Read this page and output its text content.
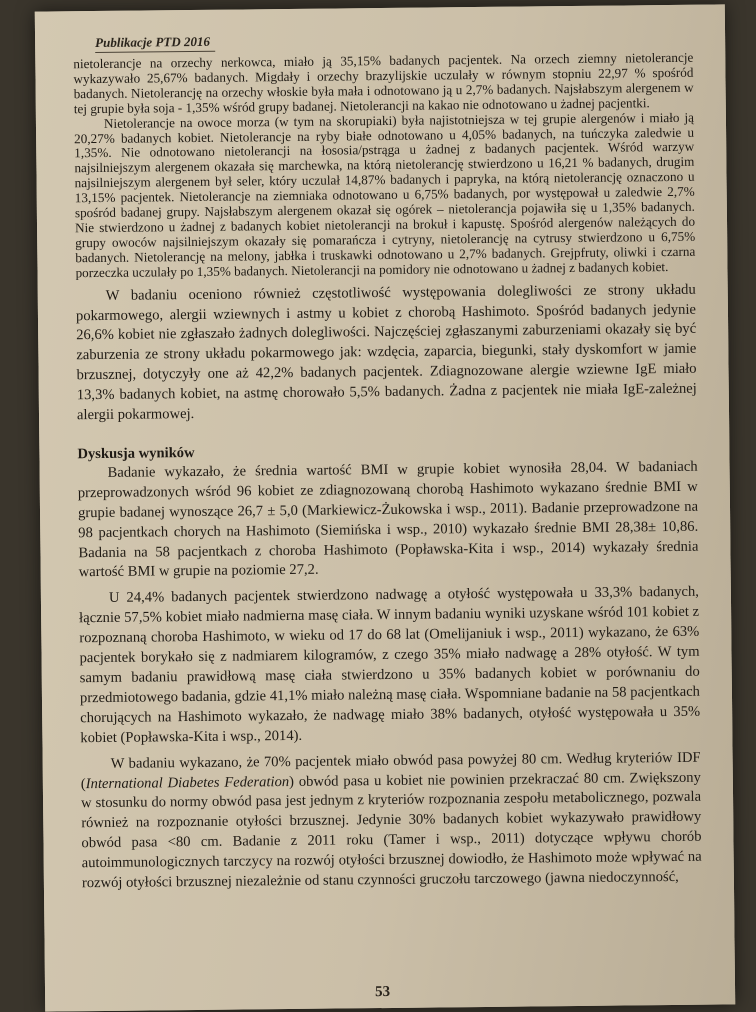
Publikacje PTD 2016

nietolerancje na orzechy nerkowca, miało ją 35,15% badanych pacjentek. Na orzech ziemny nietolerancje wykazywało 25,67% badanych. Migdały i orzechy brazylijskie uczulały w równym stopniu 22,97 % spośród badanych. Nietolerancję na orzechy włoskie była mała i odnotowano ją u 2,7% badanych. Najsłabszym alergenem w tej grupie była soja - 1,35% wśród grupy badanej. Nietolerancji na kakao nie odnotowano u żadnej pacjentki.

Nietolerancje na owoce morza (w tym na skorupiaki) była najistotniejsza w tej grupie alergenów i miało ją 20,27% badanych kobiet. Nietolerancje na ryby białe odnotowano u 4,05% badanych, na tuńczyka zaledwie u 1,35%. Nie odnotowano nietolerancji na łososia/pstrąga u żadnej z badanych pacjentek. Wśród warzyw najsilniejszym alergenem okazała się marchewka, na którą nietolerancję stwierdzono u 16,21 % badanych, drugim najsilniejszym alergenem był seler, który uczulał 14,87% badanych i papryka, na którą nietolerancję oznaczono u 13,15% pacjentek. Nietolerancje na ziemniaka odnotowano u 6,75% badanych, por występował u zaledwie 2,7% spośród badanej grupy. Najsłabszym alergenem okazał się ogórek – nietolerancja pojawiła się u 1,35% badanych. Nie stwierdzono u żadnej z badanych kobiet nietolerancji na brokuł i kapustę. Spośród alergenów należących do grupy owoców najsilniejszym okazały się pomarańcza i cytryny, nietolerancję na cytrusy stwierdzono u 6,75% badanych. Nietolerancję na melony, jabłka i truskawki odnotowano u 2,7% badanych. Grejpfruty, oliwki i czarna porzeczka uczulały po 1,35% badanych. Nietolerancji na pomidory nie odnotowano u żadnej z badanych kobiet.

W badaniu oceniono również częstotliwość występowania dolegliwości ze strony układu pokarmowego, alergii wziewnych i astmy u kobiet z chorobą Hashimoto. Spośród badanych jedynie 26,6% kobiet nie zgłaszało żadnych dolegliwości. Najczęściej zgłaszanymi zaburzeniami okazały się być zaburzenia ze strony układu pokarmowego jak: wzdęcia, zaparcia, biegunki, stały dyskomfort w jamie brzusznej, dotyczyły one aż 42,2% badanych pacjentek. Zdiagnozowane alergie wziewne IgE miało 13,3% badanych kobiet, na astmę chorowało 5,5% badanych. Żadna z pacjentek nie miała IgE-zależnej alergii pokarmowej.

Dyskusja wyników

Badanie wykazało, że średnia wartość BMI w grupie kobiet wynosiła 28,04. W badaniach przeprowadzonych wśród 96 kobiet ze zdiagnozowaną chorobą Hashimoto wykazano średnie BMI w grupie badanej wynoszące 26,7 ± 5,0 (Markiewicz-Żukowska i wsp., 2011). Badanie przeprowadzone na 98 pacjentkach chorych na Hashimoto (Siemińska i wsp., 2010) wykazało średnie BMI 28,38± 10,86. Badania na 58 pacjentkach z choroba Hashimoto (Popławska-Kita i wsp., 2014) wykazały średnia wartość BMI w grupie na poziomie 27,2.

U 24,4% badanych pacjentek stwierdzono nadwagę a otyłość występowała u 33,3% badanych, łącznie 57,5% kobiet miało nadmierna masę ciała. W innym badaniu wyniki uzyskane wśród 101 kobiet z rozpoznaną choroba Hashimoto, w wieku od 17 do 68 lat (Omelijaniuk i wsp., 2011) wykazano, że 63% pacjentek borykało się z nadmiarem kilogramów, z czego 35% miało nadwagę a 28% otyłość. W tym samym badaniu prawidłową masę ciała stwierdzono u 35% badanych kobiet w porównaniu do przedmiotowego badania, gdzie 41,1% miało należną masę ciała. Wspomniane badanie na 58 pacjentkach chorujących na Hashimoto wykazało, że nadwagę miało 38% badanych, otyłość występowała u 35% kobiet (Popławska-Kita i wsp., 2014).

W badaniu wykazano, że 70% pacjentek miało obwód pasa powyżej 80 cm. Według kryteriów IDF (International Diabetes Federation) obwód pasa u kobiet nie powinien przekraczać 80 cm. Zwiększony w stosunku do normy obwód pasa jest jednym z kryteriów rozpoznania zespołu metabolicznego, pozwala również na rozpoznanie otyłości brzusznej. Jedynie 30% badanych kobiet wykazywało prawidłowy obwód pasa <80 cm. Badanie z 2011 roku (Tamer i wsp., 2011) dotyczące wpływu chorób autoimmunologicznych tarczycy na rozwój otyłości brzusznej dowiodło, że Hashimoto może wpływać na rozwój otyłości brzusznej niezależnie od stanu czynności gruczołu tarczowego (jawna niedoczynność,

53
